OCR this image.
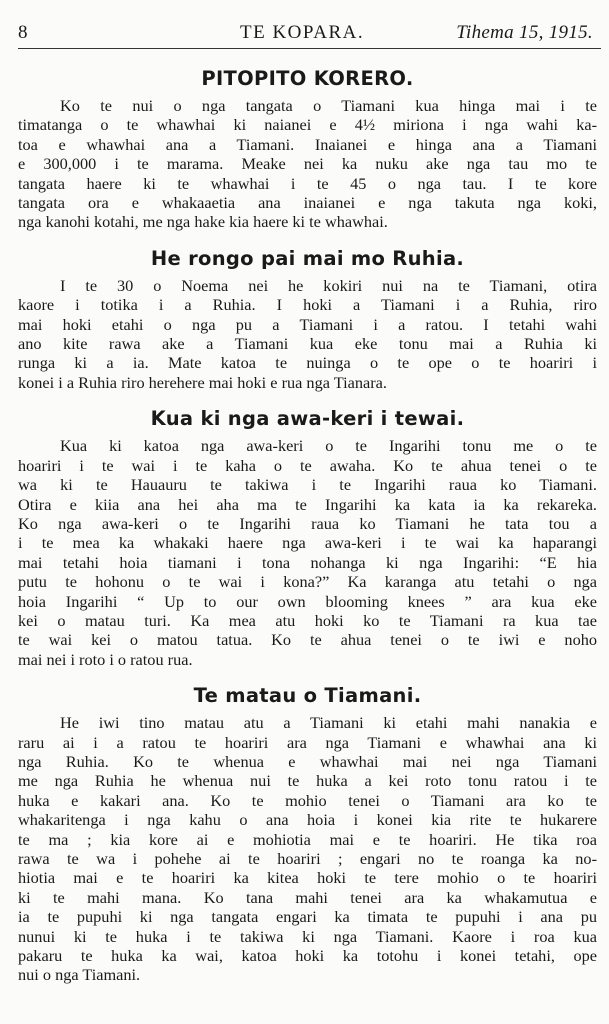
8	TE KOPARA.	Tihema 15, 1915.
PITOPITO KORERO.

Ko te nui o nga tangata o Tiamani kua hinga mai i te

timatanga o te whawhai ki naianei e 4½ miriona i nga wahi ka-

toa e whawhai ana a Tiamani. Inaianei e hinga ana a Tiamani

e 300,000 i te marama. Meake nei ka nuku ake nga tau mo te

tangata haere ki te whawhai i te 45 o nga tau. I te kore

tangata ora e whakaaetia ana inaianei e nga takuta nga koki,

nga kanohi kotahi, me nga hake kia haere ki te whawhai.

He rongo pai mai mo Ruhia.

I te 30 o Noema nei he kokiri nui na te Tiamani, otira

kaore i totika i a Ruhia. I hoki a Tiamani i a Ruhia, riro

mai hoki etahi o nga pu a Tiamani i a ratou. I tetahi wahi

ano kite rawa ake a Tiamani kua eke tonu mai a Ruhia ki

runga ki a ia. Mate katoa te nuinga o te ope o te hoariri i

konei i a Ruhia riro herehere mai hoki e rua nga Tianara.

Kua ki nga awa-keri i tewai.

Kua ki katoa nga awa-keri o te Ingarihi tonu me o te

hoariri i te wai i te kaha o te awaha. Ko te ahua tenei o te

wa ki te Hauauru te takiwa i te Ingarihi raua ko Tiamani.

Otira e kiia ana hei aha ma te Ingarihi ka kata ia ka rekareka.

Ko nga awa-keri o te Ingarihi raua ko Tiamani he tata tou a

i te mea ka whakaki haere nga awa-keri i te wai ka haparangi

mai tetahi hoia tiamani i tona nohanga ki nga Ingarihi: “E hia

putu te hohonu o te wai i kona?” Ka karanga atu tetahi o nga

hoia Ingarihi “ Up to our own blooming knees ” ara kua eke

kei o matau turi. Ka mea atu hoki ko te Tiamani ra kua tae

te wai kei o matou tatua. Ko te ahua tenei o te iwi e noho

mai nei i roto i o ratou rua.

Te matau o Tiamani.

He iwi tino matau atu a Tiamani ki etahi mahi nanakia e

raru ai i a ratou te hoariri ara nga Tiamani e whawhai ana ki

nga Ruhia. Ko te whenua e whawhai mai nei nga Tiamani

me nga Ruhia he whenua nui te huka a kei roto tonu ratou i te

huka e kakari ana. Ko te mohio tenei o Tiamani ara ko te

whakaritenga i nga kahu o ana hoia i konei kia rite te hukarere

te ma ; kia kore ai e mohiotia mai e te hoariri. He tika roa

rawa te wa i pohehe ai te hoariri ; engari no te roanga ka no-

hiotia mai e te hoariri ka kitea hoki te tere mohio o te hoariri

ki te mahi mana. Ko tana mahi tenei ara ka whakamutua e

ia te pupuhi ki nga tangata engari ka timata te pupuhi i ana pu

nunui ki te huka i te takiwa ki nga Tiamani. Kaore i roa kua

pakaru te huka ka wai, katoa hoki ka totohu i konei tetahi, ope

nui o nga Tiamani.
